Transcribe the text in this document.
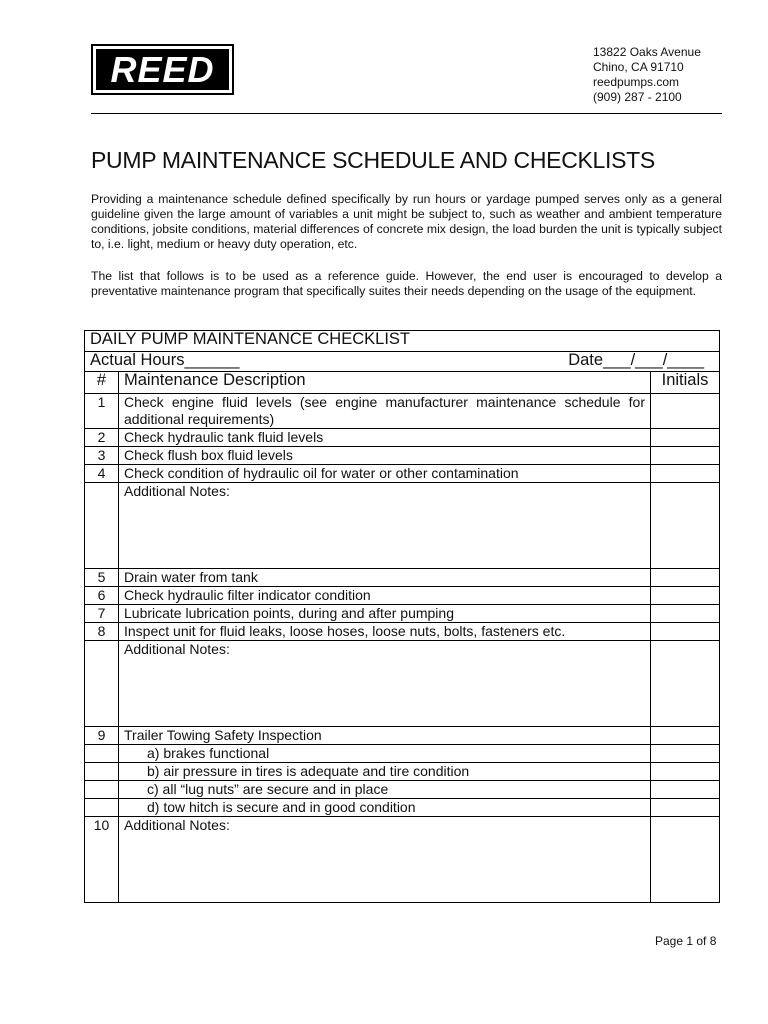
REED	13822 Oaks Avenue
Chino, CA 91710
reedpumps.com
(909) 287 - 2100
PUMP MAINTENANCE SCHEDULE AND CHECKLISTS
Providing a maintenance schedule defined specifically by run hours or yardage pumped serves only as a general guideline given the large amount of variables a unit might be subject to, such as weather and ambient temperature conditions, jobsite conditions, material differences of concrete mix design, the load burden the unit is typically subject to, i.e. light, medium or heavy duty operation, etc.
The list that follows is to be used as a reference guide. However, the end user is encouraged to develop a preventative maintenance program that specifically suites their needs depending on the usage of the equipment.
DAILY PUMP MAINTENANCE CHECKLIST		

Actual Hours______ Date___/___/____		

#	Maintenance Description	Initials
1	Check engine fluid levels (see engine manufacturer maintenance schedule for additional requirements)	
2	Check hydraulic tank fluid levels	
3	Check flush box fluid levels	
4	Check condition of hydraulic oil for water or other contamination	
	Additional Notes:	
5	Drain water from tank	
6	Check hydraulic filter indicator condition	
7	Lubricate lubrication points, during and after pumping	
8	Inspect unit for fluid leaks, loose hoses, loose nuts, bolts, fasteners etc.	
	Additional Notes:	
9	Trailer Towing Safety Inspection	
	a) brakes functional	
	b) air pressure in tires is adequate and tire condition	
	c) all “lug nuts” are secure and in place	
	d) tow hitch is secure and in good condition	
10	Additional Notes:	
Page 1 of 8
